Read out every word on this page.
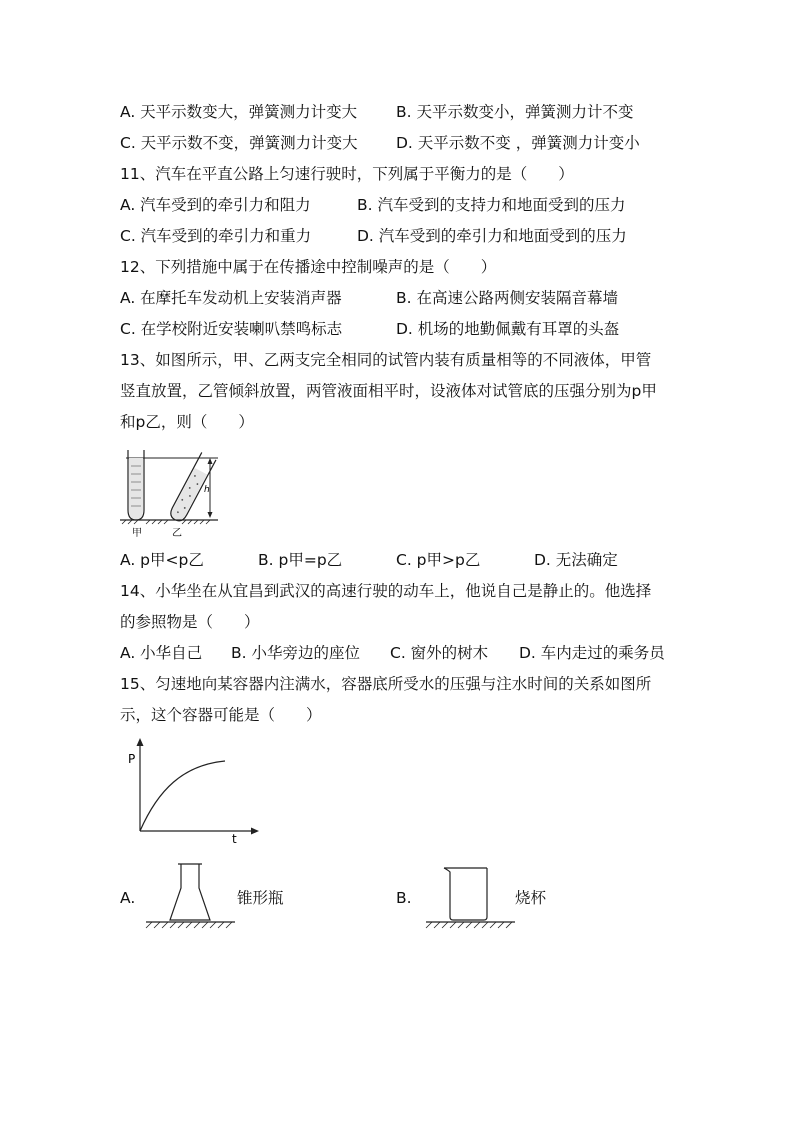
A. 天平示数变大，弹簧测力计变大	B. 天平示数变小，弹簧测力计不变
C. 天平示数不变，弹簧测力计变大 D. 天平示数不变 ，弹簧测力计变小
11、汽车在平直公路上匀速行驶时，下列属于平衡力的是（　　）
A. 汽车受到的牵引力和阻力	B. 汽车受到的支持力和地面受到的压力
C. 汽车受到的牵引力和重力	D. 汽车受到的牵引力和地面受到的压力
12、下列措施中属于在传播途中控制噪声的是（　　）
A. 在摩托车发动机上安装消声器	B. 在高速公路两侧安装隔音幕墙
C. 在学校附近安装喇叭禁鸣标志	D. 机场的地勤佩戴有耳罩的头盔
13、如图所示，甲、乙两支完全相同的试管内装有质量相等的不同液体，甲管
竖直放置，乙管倾斜放置，两管液面相平时，设液体对试管底的压强分别为p甲
和p乙，则（　　）
h
甲	乙
A. p甲<p乙	B. p甲=p乙	C. p甲>p乙	D. 无法确定
14、小华坐在从宜昌到武汉的高速行驶的动车上，他说自己是静止的。他选择
的参照物是（　　）
A. 小华自己 B. 小华旁边的座位 C. 窗外的树木 D. 车内走过的乘务员
15、匀速地向某容器内注满水，容器底所受水的压强与注水时间的关系如图所
示，这个容器可能是（　　）
P
t
A.	锥形瓶	B.	烧杯
